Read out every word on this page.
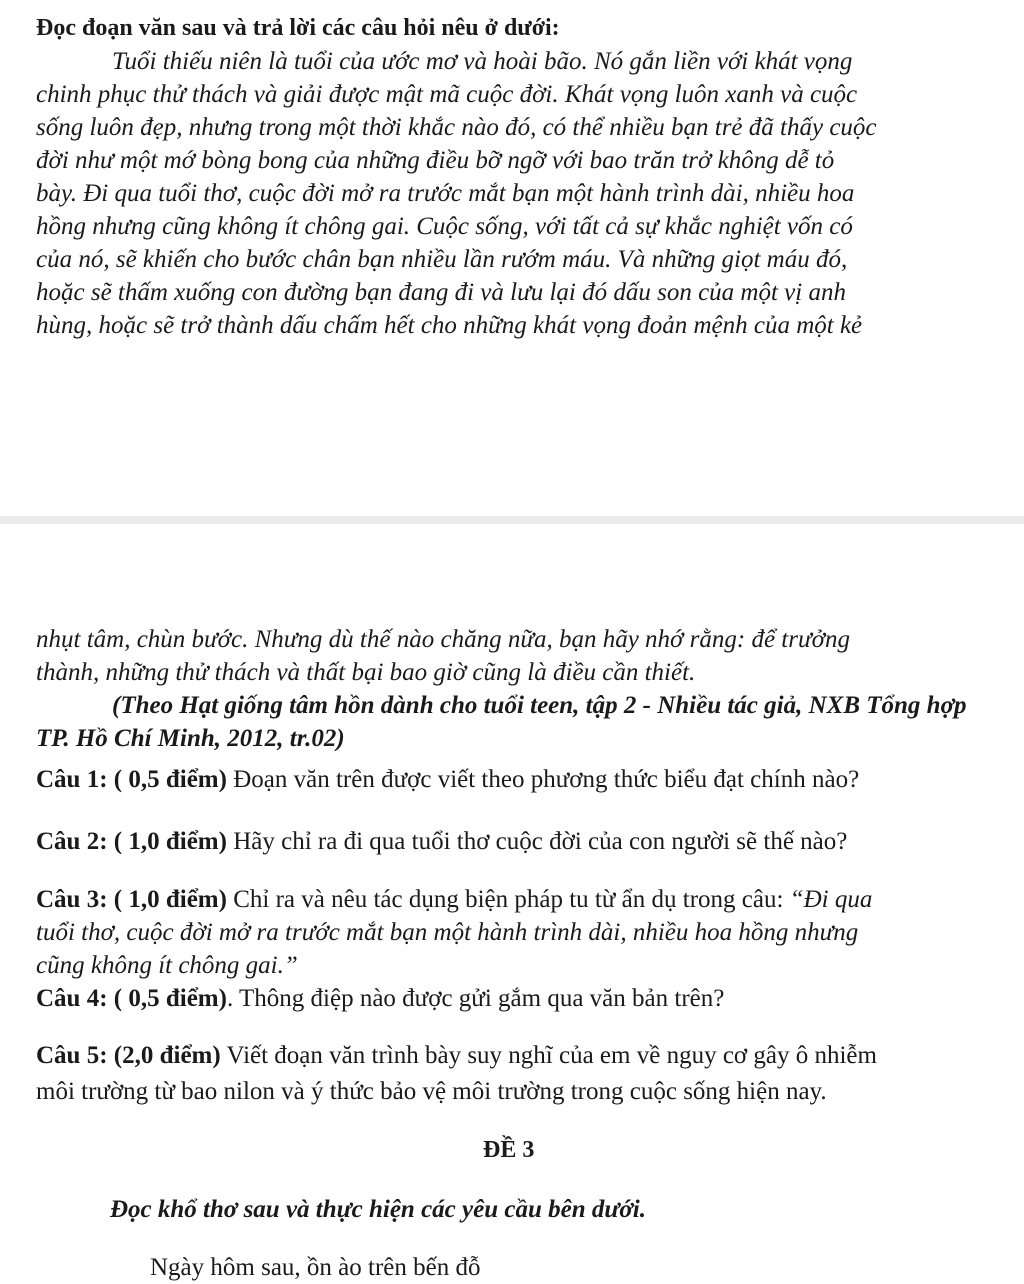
Đọc đoạn văn sau và trả lời các câu hỏi nêu ở dưới:
Tuổi thiếu niên là tuổi của ước mơ và hoài bão. Nó gắn liền với khát vọng
chinh phục thử thách và giải được mật mã cuộc đời. Khát vọng luôn xanh và cuộc
sống luôn đẹp, nhưng trong một thời khắc nào đó, có thể nhiều bạn trẻ đã thấy cuộc
đời như một mớ bòng bong của những điều bỡ ngỡ với bao trăn trở không dễ tỏ
bày. Đi qua tuổi thơ, cuộc đời mở ra trước mắt bạn một hành trình dài, nhiều hoa
hồng nhưng cũng không ít chông gai. Cuộc sống, với tất cả sự khắc nghiệt vốn có
của nó, sẽ khiến cho bước chân bạn nhiều lần rướm máu. Và những giọt máu đó,
hoặc sẽ thấm xuống con đường bạn đang đi và lưu lại đó dấu son của một vị anh
hùng, hoặc sẽ trở thành dấu chấm hết cho những khát vọng đoản mệnh của một kẻ
nhụt tâm, chùn bước. Nhưng dù thế nào chăng nữa, bạn hãy nhớ rằng: để trưởng
thành, những thử thách và thất bại bao giờ cũng là điều cần thiết.
(Theo Hạt giống tâm hồn dành cho tuổi teen, tập 2 - Nhiều tác giả, NXB Tổng hợp
TP. Hồ Chí Minh, 2012, tr.02)
Câu 1: ( 0,5 điểm) Đoạn văn trên được viết theo phương thức biểu đạt chính nào?
Câu 2: ( 1,0 điểm) Hãy chỉ ra đi qua tuổi thơ cuộc đời của con người sẽ thế nào?
Câu 3: ( 1,0 điểm) Chỉ ra và nêu tác dụng biện pháp tu từ ẩn dụ trong câu: “Đi qua
tuổi thơ, cuộc đời mở ra trước mắt bạn một hành trình dài, nhiều hoa hồng nhưng
cũng không ít chông gai.”
Câu 4: ( 0,5 điểm). Thông điệp nào được gửi gắm qua văn bản trên?
Câu 5: (2,0 điểm) Viết đoạn văn trình bày suy nghĩ của em về nguy cơ gây ô nhiễm
môi trường từ bao nilon và ý thức bảo vệ môi trường trong cuộc sống hiện nay.
ĐỀ 3
Đọc khổ thơ sau và thực hiện các yêu cầu bên dưới.
Ngày hôm sau, ồn ào trên bến đỗ
